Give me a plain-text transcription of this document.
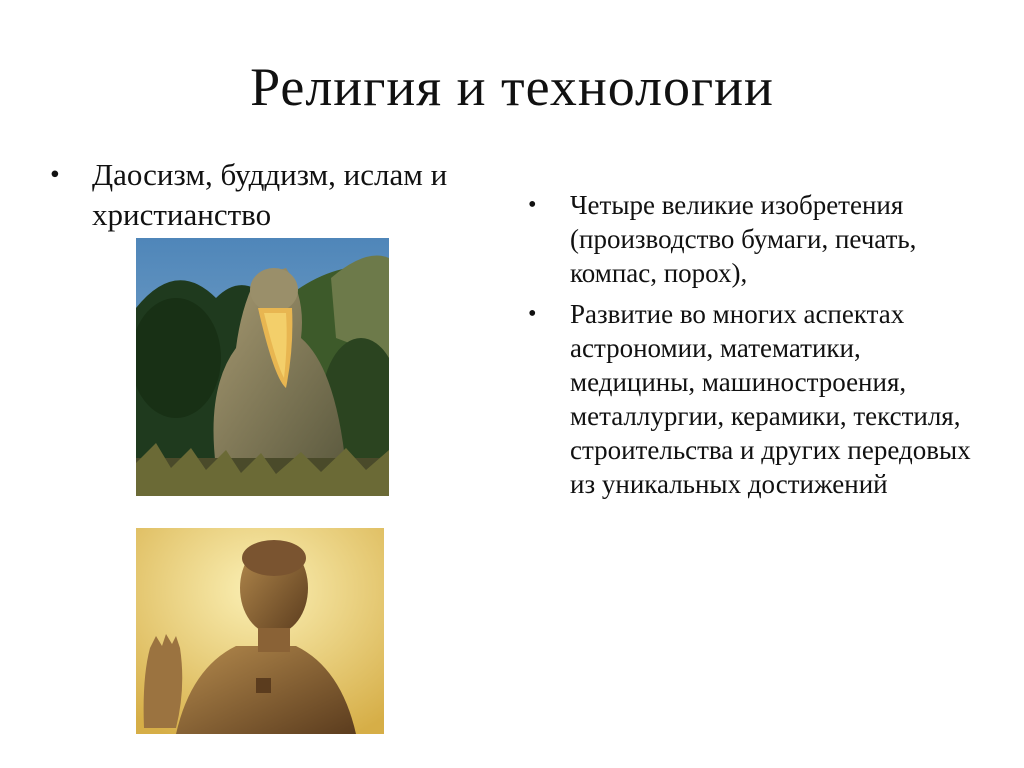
Религия и технологии
• Даосизм, буддизм, ислам и христианство	• Четыре великие изобретения (производство бумаги, печать, компас, порох),
• Развитие во многих аспектах астрономии, математики, медицины, машиностроения, металлургии, керамики, текстиля, строительства и других передовых из уникальных достижений
